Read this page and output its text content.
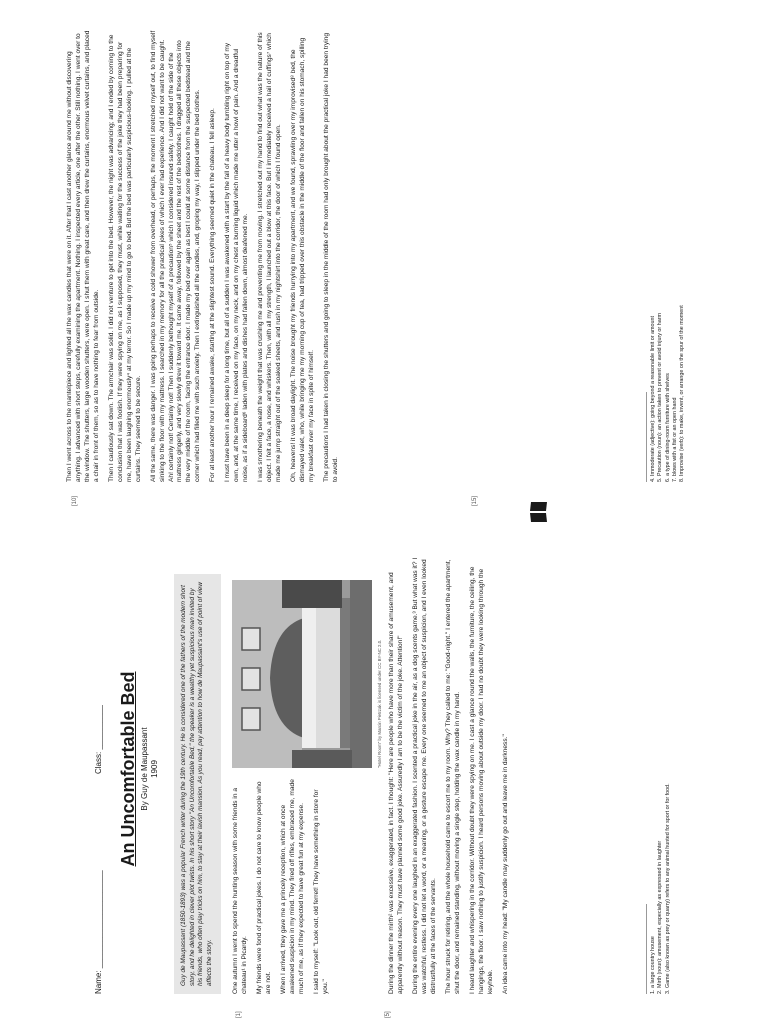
Name: ______________________
Class: __________ An Uncomfortable Bed By Guy de Maupassant 1909	Guy de Maupassant (1850-1893) was a popular French writer during the 19th century. He is considered one of the fathers of the modern short story, and he delighted in clever plot twists. In his short story "An Uncomfortable Bed," the speaker is a wealthy yet suspicious man invited by his friends, who often play tricks on him, to stay at their lavish mansion. As you read, pay attention to how de Maupassant's use of point of view affects the story.
[1]	[5]

One autumn I went to spend the hunting season with some friends in a chateau¹ in Picardy. My friends were fond of practical jokes. I do not care to know people who are not. When I arrived, they gave me a princely reception, which at once awakened suspicion in my mind. They fired off rifles, embraced me, made much of me, as if they expected to have great fun at my expense. I said to myself: "Look out, old ferret! They have something in store for you."

"Hotel Room" by Marcin Pietrzak is licensed under CC BY-NC 2.0. During the dinner the mirth² was excessive, exaggerated, in fact. I thought: "Here are people who have more than their share of amusement, and apparently without reason. They must have planned some good joke. Assuredly I am to be the victim of the joke. Attention!" During the entire evening every one laughed in an exaggerated fashion. I scented a practical joke in the air, as a dog scents game.³ But what was it? I was watchful, restless. I did not let a word, or a meaning, or a gesture escape me. Every one seemed to me an object of suspicion, and I even looked distrustfully at the faces of the servants. The hour struck for retiring, and the whole household came to escort me to my room. Why? They called to me: "Good-night." I entered the apartment, shut the door, and remained standing, without moving a single step, holding the wax candle in my hand. I heard laughter and whispering in the corridor. Without doubt they were spying on me. I cast a glance round the walls, the furniture, the ceiling, the hangings, the floor. I saw nothing to justify suspicion. I heard persons moving about outside my door. I had no doubt they were looking through the keyhole. An idea came into my head: "My candle may suddenly go out and leave me in darkness."	1. a large country house 2. Mirth (noun): amusement, especially as expressed in laughter 3. Game (also known as prey or quarry) refers to any animal hunted for sport or for food.
[10]	[15]

Then I went across to the mantelpiece and lighted all the wax candles that were on it. After that I cast another glance around me without discovering anything. I advanced with short steps, carefully examining the apartment. Nothing. I inspected every article, one after the other. Still nothing. I went over to the window. The shutters, large wooden shutters, were open. I shut them with great care, and then drew the curtains, enormous velvet curtains, and placed a chair in front of them, so as to have nothing to fear from outside. Then I cautiously sat down. The armchair was solid. I did not venture to get into the bed. However, the night was advancing; and I ended by coming to the conclusion that I was foolish. If they were spying on me, as I supposed, they must, while waiting for the success of the joke they had been preparing for me, have been laughing enormously⁴ at my terror. So I made up my mind to go to bed. But the bed was particularly suspicious-looking. I pulled at the curtains. They seemed to be secure. All the same, there was danger. I was going perhaps to receive a cold shower from overhead, or perhaps, the moment I stretched myself out, to find myself sinking to the floor with my mattress. I searched in my memory for all the practical jokes of which I ever had experience. And I did not want to be caught. Ah! certainly not! Certainly not! Then I suddenly bethought myself of a precaution⁵ which I considered insured safety. I caught hold of the side of the mattress gingerly, and very slowly drew it toward me. It came away, followed by the sheet and the rest of the bedclothes. I dragged all these objects into the very middle of the room, facing the entrance door. I made my bed over again as best I could at some distance from the suspected bedstead and the corner which had filled me with such anxiety. Then I extinguished all the candles, and, groping my way, I slipped under the bed clothes. For at least another hour I remained awake, starting at the slightest sound. Everything seemed quiet in the chateau. I fell asleep. I must have been in a deep sleep for a long time, but all of a sudden I was awakened with a start by the fall of a heavy body tumbling right on top of my own, and, at the same time, I received on my face, on my neck, and on my chest a burning liquid which made me utter a howl of pain. And a dreadful noise, as if a sideboard⁶ laden with plates and dishes had fallen down, almost deafened me. I was smothering beneath the weight that was crushing me and preventing me from moving. I stretched out my hand to find out what was the nature of this object. I felt a face, a nose, and whiskers. Then, with all my strength, I launched out a blow at this face. But I immediately received a hail of cuffings⁷ which made me jump straight out of the soaked sheets, and rush in my nightshirt into the corridor, the door of which I found open. Oh, heavens! it was broad daylight. The noise brought my friends hurrying into my apartment, and we found, sprawling over my improvised⁸ bed, the dismayed valet, who, while bringing me my morning cup of tea, had tripped over this obstacle in the middle of the floor and fallen on his stomach, spilling my breakfast over my face in spite of himself. The precautions I had taken in closing the shutters and going to sleep in the middle of the room had only brought about the practical joke I had been trying to avoid.	4. Immoderate (adjective): going beyond a reasonable limit or amount 5. Precaution (noun): an action taken to prevent or avoid injury or harm 6. a type of dining-room furniture with shelves 7. blows with a fist or an open hand 8. Improvise (verb): to make, invent, or arrange on the spur of the moment
